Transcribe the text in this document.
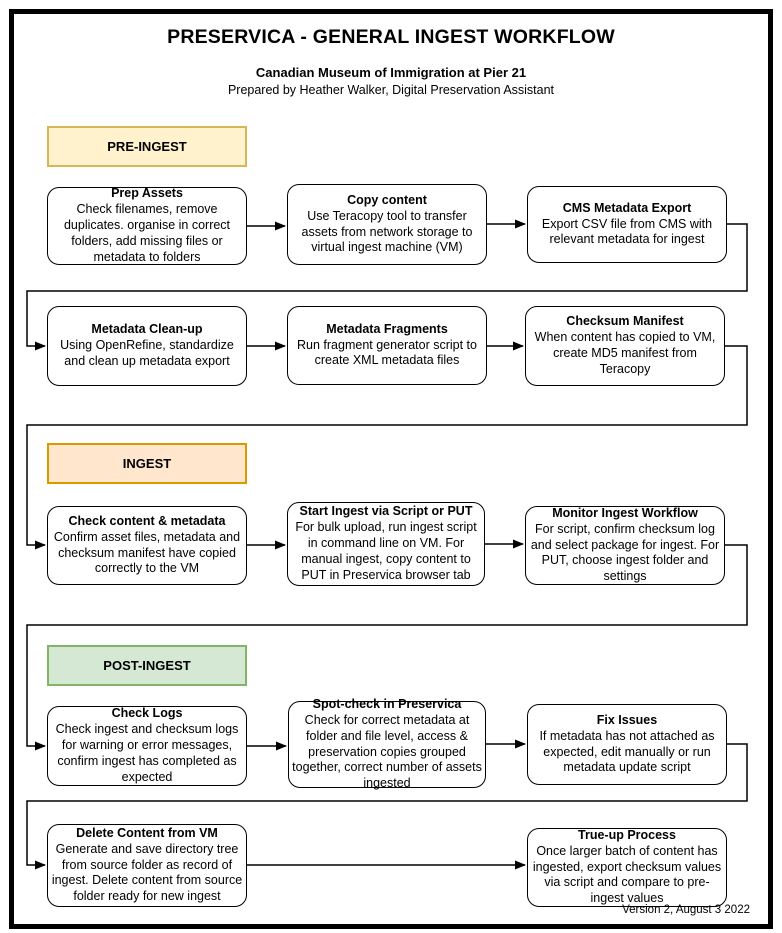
PRESERVICA - GENERAL INGEST WORKFLOW
Canadian Museum of Immigration at Pier 21
Prepared by Heather Walker, Digital Preservation Assistant
PRE-INGEST
INGEST
POST-INGEST
Prep Assets
Check filenames, remove duplicates. organise in correct folders, add missing files or metadata to folders
Copy content
Use Teracopy tool to transfer assets from network storage to virtual ingest machine (VM)
CMS Metadata Export
Export CSV file from CMS with relevant metadata for ingest
Metadata Clean-up
Using OpenRefine, standardize and clean up metadata export
Metadata Fragments
Run fragment generator script to create XML metadata files
Checksum Manifest
When content has copied to VM, create MD5 manifest from Teracopy
Check content & metadata
Confirm asset files, metadata and checksum manifest have copied correctly to the VM
Start Ingest via Script or PUT
For bulk upload, run ingest script in command line on VM. For manual ingest, copy content to PUT in Preservica browser tab
Monitor Ingest Workflow
For script, confirm checksum log and select package for ingest. For PUT, choose ingest folder and settings
Check Logs
Check ingest and checksum logs for warning or error messages, confirm ingest has completed as expected
Spot-check in Preservica
Check for correct metadata at folder and file level, access & preservation copies grouped together, correct number of assets ingested
Fix Issues
If metadata has not attached as expected, edit manually or run metadata update script
Delete Content from VM
Generate and save directory tree from source folder as record of ingest. Delete content from source folder ready for new ingest
True-up Process
Once larger batch of content has ingested, export checksum values via script and compare to pre-ingest values
Version 2, August 3 2022
